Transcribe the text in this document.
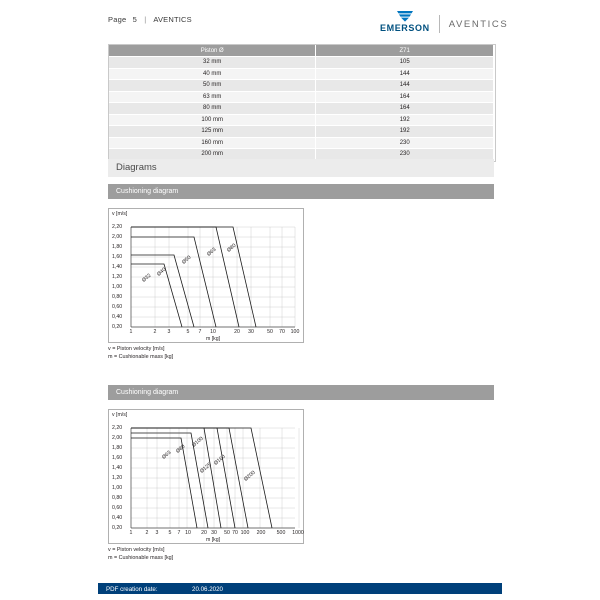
Page 5 | AVENTICS
EMERSON AVENTICS
Piston Ø	Z71
32 mm	105
40 mm	144
50 mm	144
63 mm	164
80 mm	164
100 mm	192
125 mm	192
160 mm	230
200 mm	230
Diagrams
Cushioning diagram
v [m/s]
0,20
0,40
0,60
0,80
1,00
1,20
1,40
1,60
1,80
2,00
2,20
Ø32
Ø40
Ø50
Ø63 Ø80
1	2 3	5 7 10	20 30	50 70 100
m [kg]
v = Piston velocity [m/s]
m = Cushionable mass [kg]
Cushioning diagram
v [m/s]
0,20
0,40
0,60
0,80
1,00
1,20
1,40
1,60
1,80
2,00
2,20
Ø63
Ø80
Ø100
Ø125
Ø160
Ø200
1	2 3 5 7 10 20 30 50 70 100 200 500 1000
m [kg]
v = Piston velocity [m/s]
m = Cushionable mass [kg]
PDF creation date:	20.06.2020
